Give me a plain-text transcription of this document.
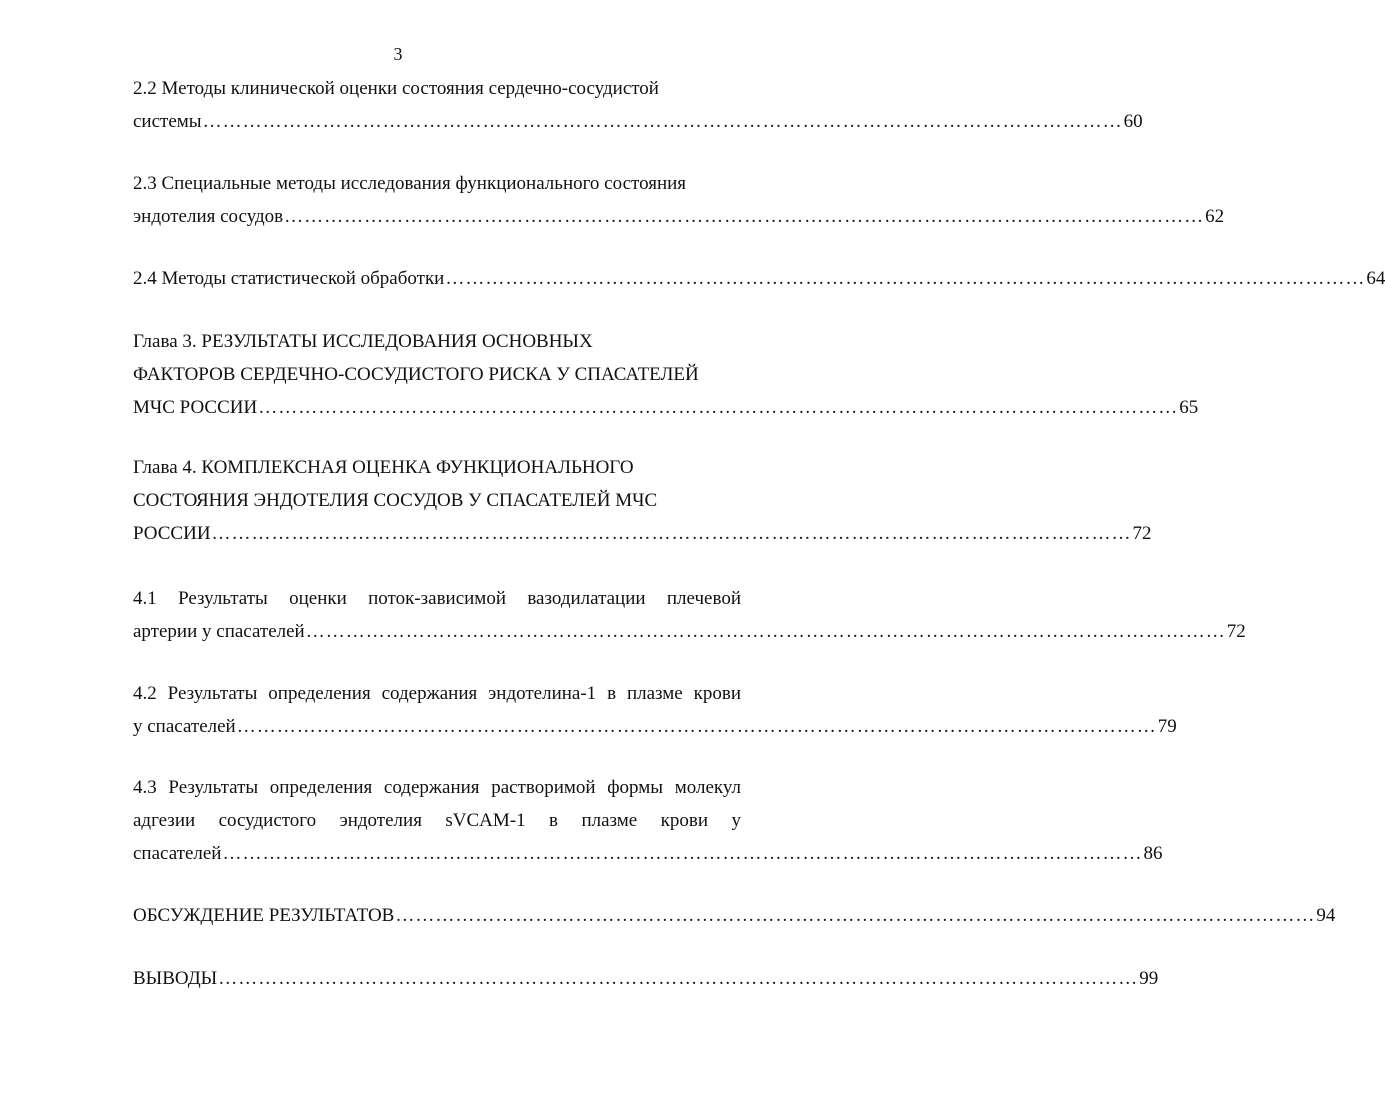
3
2.2 Методы клинической оценки состояния сердечно-сосудистой
системы ………………………………………………………………………………………………………………………… 60
2.3 Специальные методы исследования функционального состояния
эндотелия сосудов ………………………………………………………………………………………………………………………… 62
2.4 Методы статистической обработки ………………………………………………………………………………………………………………………… 64
Глава 3. РЕЗУЛЬТАТЫ ИССЛЕДОВАНИЯ ОСНОВНЫХ
ФАКТОРОВ СЕРДЕЧНО-СОСУДИСТОГО РИСКА У СПАСАТЕЛЕЙ
МЧС РОССИИ ………………………………………………………………………………………………………………………… 65
Глава 4. КОМПЛЕКСНАЯ ОЦЕНКА ФУНКЦИОНАЛЬНОГО
СОСТОЯНИЯ ЭНДОТЕЛИЯ СОСУДОВ У СПАСАТЕЛЕЙ МЧС
РОССИИ ………………………………………………………………………………………………………………………… 72
4.1 Результаты оценки поток-зависимой вазодилатации плечевой
артерии у спасателей ………………………………………………………………………………………………………………………… 72
4.2 Результаты определения содержания эндотелина-1 в плазме крови
у спасателей ………………………………………………………………………………………………………………………… 79
4.3 Результаты определения содержания растворимой формы молекул
адгезии сосудистого эндотелия sVCAM-1 в плазме крови у
спасателей ………………………………………………………………………………………………………………………… 86
ОБСУЖДЕНИЕ РЕЗУЛЬТАТОВ ………………………………………………………………………………………………………………………… 94
ВЫВОДЫ ………………………………………………………………………………………………………………………… 99
